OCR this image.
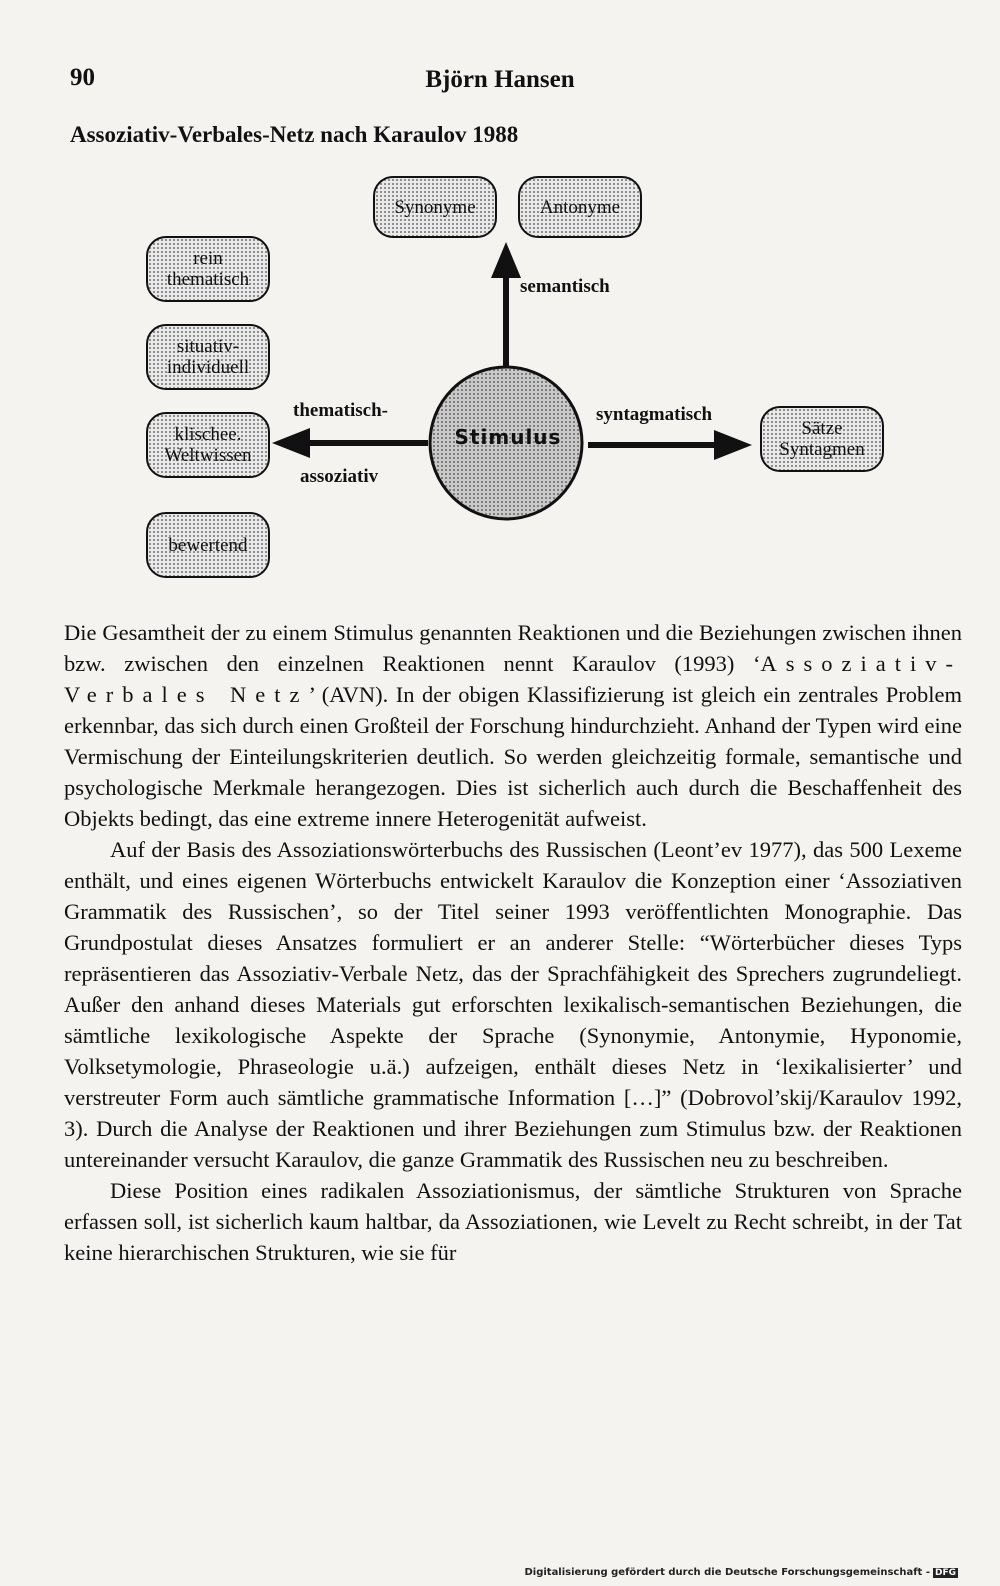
90	Björn Hansen
Assoziativ-Verbales-Netz nach Karaulov 1988
Stimulus
Synonyme	Antonyme
rein
thematisch
situativ-
individuell
klischee.
Weltwissen
bewertend
Sätze
Syntagmen
semantisch
thematisch-
assoziativ
syntagmatisch

Die Gesamtheit der zu einem Stimulus genannten Reaktionen und die Beziehungen zwischen ihnen bzw. zwischen den einzelnen Reaktionen nennt Karaulov (1993) ‘Assoziativ-Verbales Netz’ (AVN). In der obigen Klassifizierung ist gleich ein zentrales Problem erkennbar, das sich durch einen Großteil der Forschung hindurchzieht. Anhand der Typen wird eine Vermischung der Einteilungskriterien deutlich. So werden gleichzeitig formale, semantische und psychologische Merkmale herangezogen. Dies ist sicherlich auch durch die Beschaffenheit des Objekts bedingt, das eine extreme innere Heterogenität aufweist.

Auf der Basis des Assoziationswörterbuchs des Russischen (Leont’ev 1977), das 500 Lexeme enthält, und eines eigenen Wörterbuchs entwickelt Karaulov die Konzeption einer ‘Assoziativen Grammatik des Russischen’, so der Titel seiner 1993 veröffentlichten Monographie. Das Grundpostulat dieses Ansatzes formuliert er an anderer Stelle: “Wörterbücher dieses Typs repräsentieren das Assoziativ-Verbale Netz, das der Sprachfähigkeit des Sprechers zugrundeliegt. Außer den anhand dieses Materials gut erforschten lexikalisch-semantischen Beziehungen, die sämtliche lexikologische Aspekte der Sprache (Synonymie, Antonymie, Hyponomie, Volksetymologie, Phraseologie u.ä.) aufzeigen, enthält dieses Netz in ‘lexikalisierter’ und verstreuter Form auch sämtliche grammatische Information […]” (Dobrovol’skij/Karaulov 1992, 3). Durch die Analyse der Reaktionen und ihrer Beziehungen zum Stimulus bzw. der Reaktionen untereinander versucht Karaulov, die ganze Grammatik des Russischen neu zu beschreiben.

Diese Position eines radikalen Assoziationismus, der sämtliche Strukturen von Sprache erfassen soll, ist sicherlich kaum haltbar, da Assoziationen, wie Levelt zu Recht schreibt, in der Tat keine hierarchischen Strukturen, wie sie für

Digitalisierung gefördert durch die Deutsche Forschungsgemeinschaft - DFG
